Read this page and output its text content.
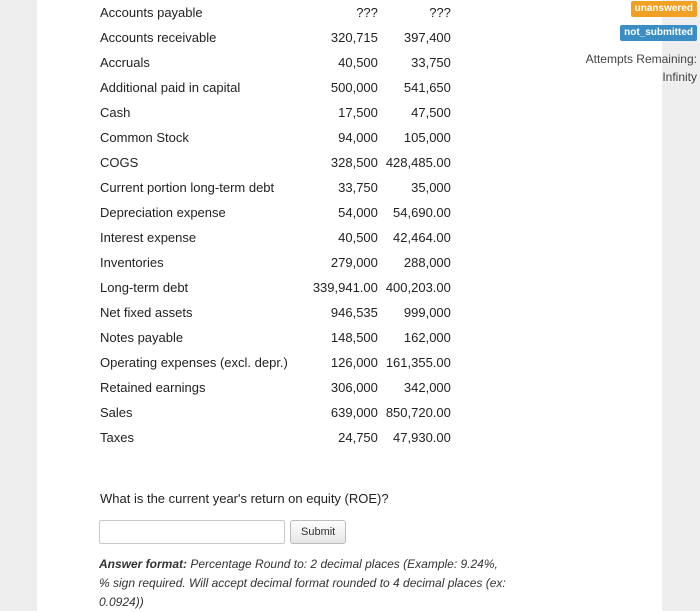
Accounts payable	???	???
Accounts receivable	320,715	397,400
Accruals	40,500	33,750
Additional paid in capital	500,000	541,650
Cash	17,500	47,500
Common Stock	94,000	105,000
COGS	328,500	428,485.00
Current portion long-term debt	33,750	35,000
Depreciation expense	54,000	54,690.00
Interest expense	40,500	42,464.00
Inventories	279,000	288,000
Long-term debt	339,941.00	400,203.00
Net fixed assets	946,535	999,000
Notes payable	148,500	162,000
Operating expenses (excl. depr.)	126,000	161,355.00
Retained earnings	306,000	342,000
Sales	639,000	850,720.00
Taxes	24,750	47,930.00
What is the current year's return on equity (ROE)?
Submit
Answer format: Percentage Round to: 2 decimal places (Example: 9.24%, % sign required. Will accept decimal format rounded to 4 decimal places (ex: 0.0924))
unanswered
not_submitted
Attempts Remaining:
Infinity
